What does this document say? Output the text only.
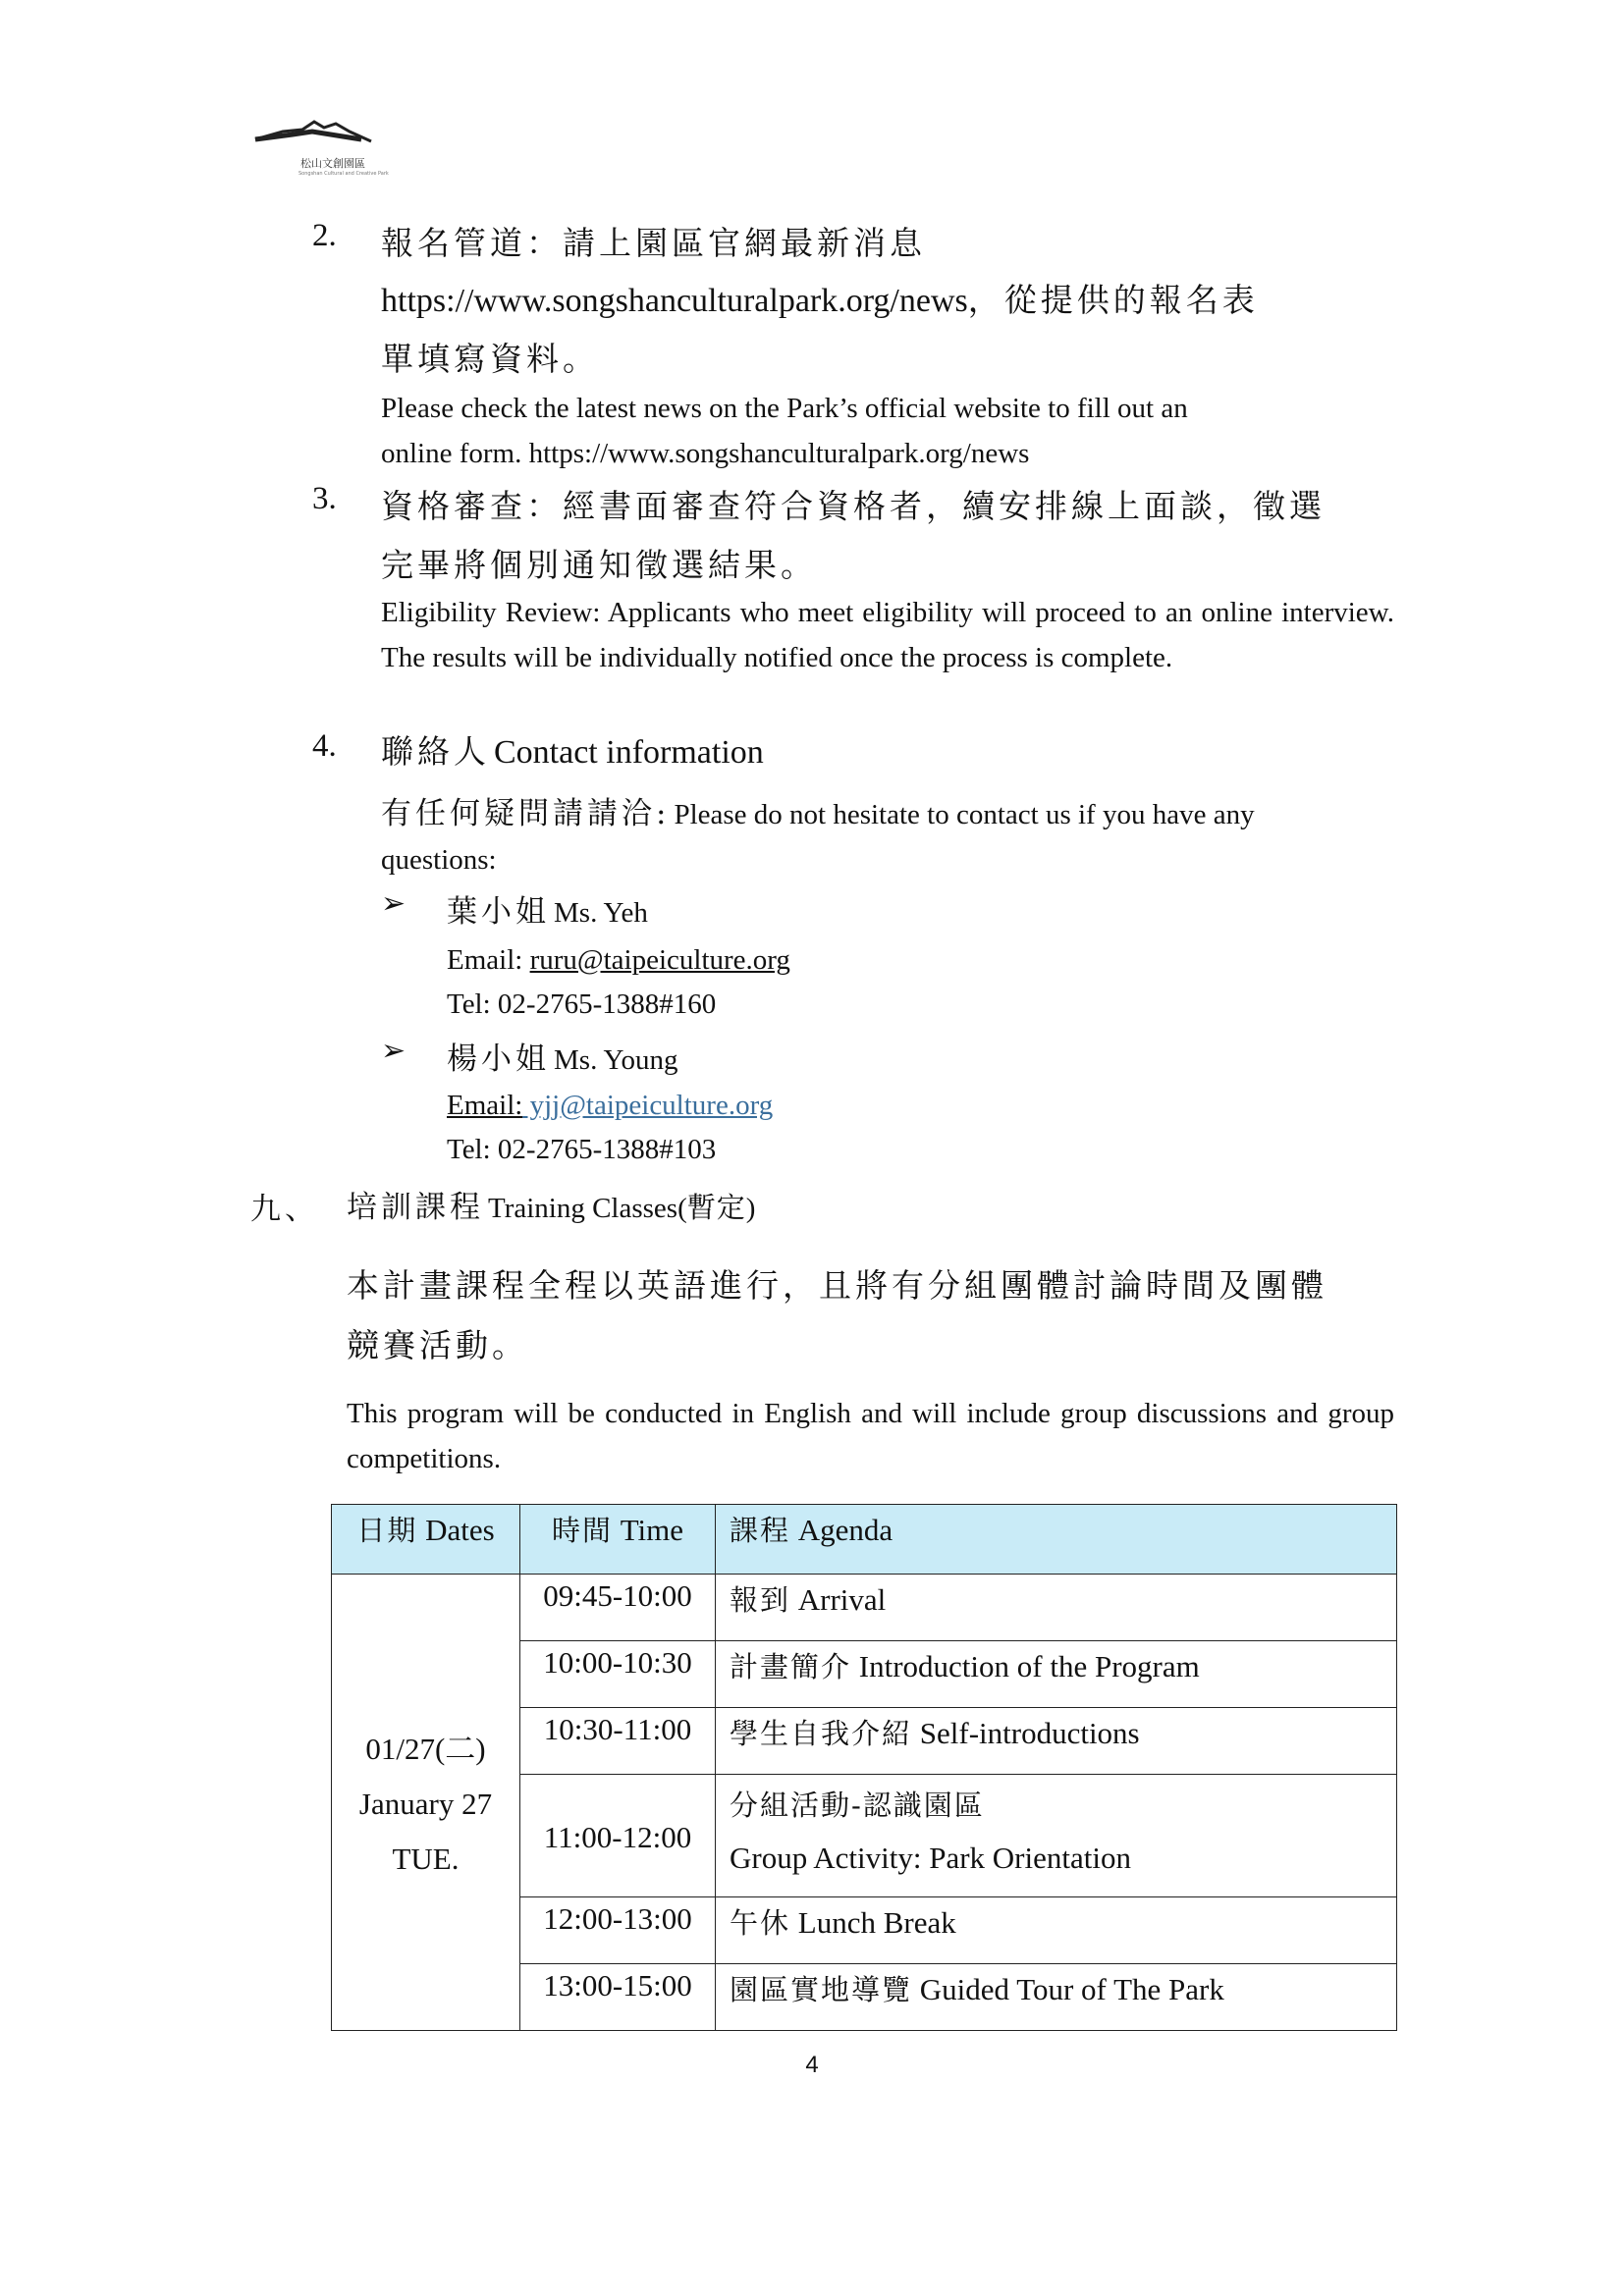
松山文創園區
Songshan Cultural and Creative Park
2. 報名管道：請上園區官網最新消息
https://www.songshanculturalpark.org/news，從提供的報名表
單填寫資料。
Please check the latest news on the Park’s official website to fill out an
online form. https://www.songshanculturalpark.org/news
3. 資格審查：經書面審查符合資格者，續安排線上面談，徵選
完畢將個別通知徵選結果。
Eligibility Review: Applicants who meet eligibility will proceed to an online interview. The results will be individually notified once the process is complete.
4. 聯絡人 Contact information
有任何疑問請請洽: Please do not hesitate to contact us if you have any
questions:
➢ 葉小姐 Ms. Yeh
Email: ruru@taipeiculture.org
Tel: 02-2765-1388#160
➢ 楊小姐 Ms. Young
Email: yjj@taipeiculture.org
Tel: 02-2765-1388#103
九、 培訓課程 Training Classes(暫定)
本計畫課程全程以英語進行，且將有分組團體討論時間及團體
競賽活動。
This program will be conducted in English and will include group discussions and group competitions.
日期 Dates	時間 Time	課程 Agenda

01/27(二)
January 27
TUE.	09:45-10:00	報到 Arrival
	10:00-10:30	計畫簡介 Introduction of the Program
	10:30-11:00	學生自我介紹 Self-introductions
	11:00-12:00	分組活動-認識園區
Group Activity: Park Orientation

	12:00-13:00	午休 Lunch Break
	13:00-15:00	園區實地導覽 Guided Tour of The Park
4
